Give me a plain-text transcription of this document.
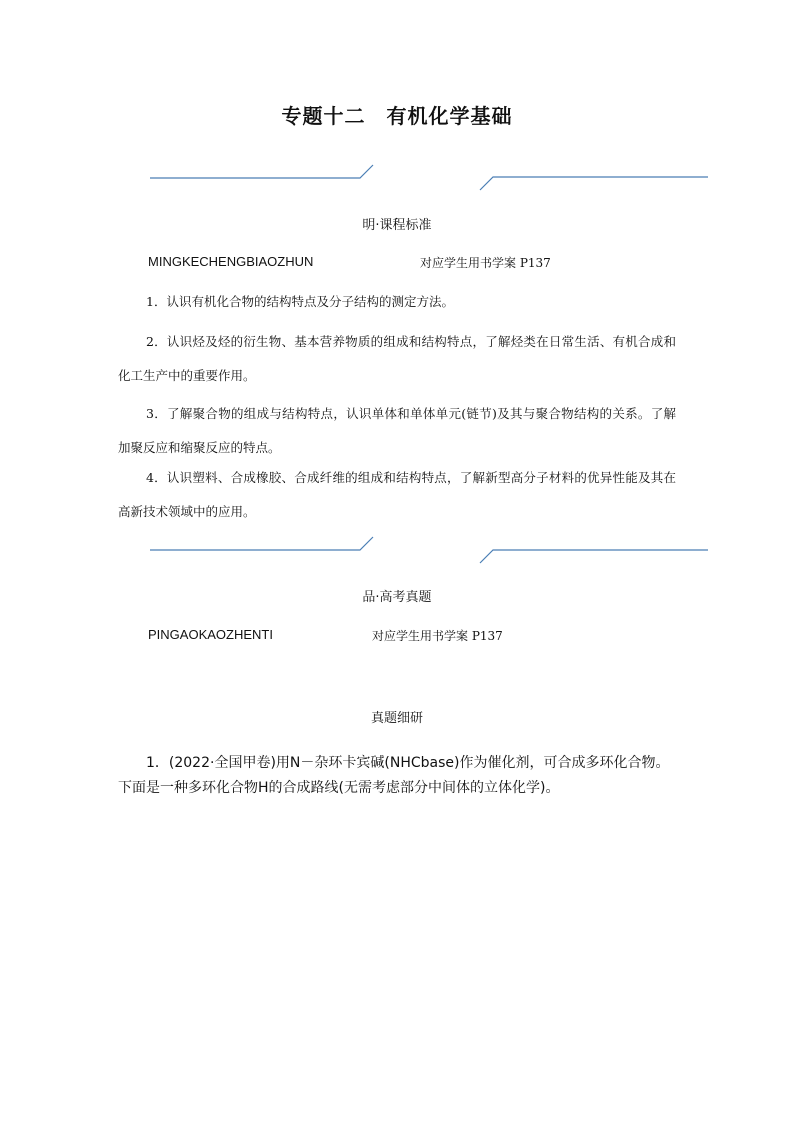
专题十二　有机化学基础
明·课程标准
MINGKECHENGBIAOZHUN	对应学生用书学案 P137
1．认识有机化合物的结构特点及分子结构的测定方法。
2．认识烃及烃的衍生物、基本营养物质的组成和结构特点，了解烃类在日常生活、有机合成和化工生产中的重要作用。
3．了解聚合物的组成与结构特点，认识单体和单体单元(链节)及其与聚合物结构的关系。了解加聚反应和缩聚反应的特点。
4．认识塑料、合成橡胶、合成纤维的组成和结构特点，了解新型高分子材料的优异性能及其在高新技术领域中的应用。
品·高考真题
PINGAOKAOZHENTI	对应学生用书学案 P137
真题细研
1．(2022·全国甲卷)用N－杂环卡宾碱(NHCbase)作为催化剂，可合成多环化合物。下面是一种多环化合物H的合成路线(无需考虑部分中间体的立体化学)。
